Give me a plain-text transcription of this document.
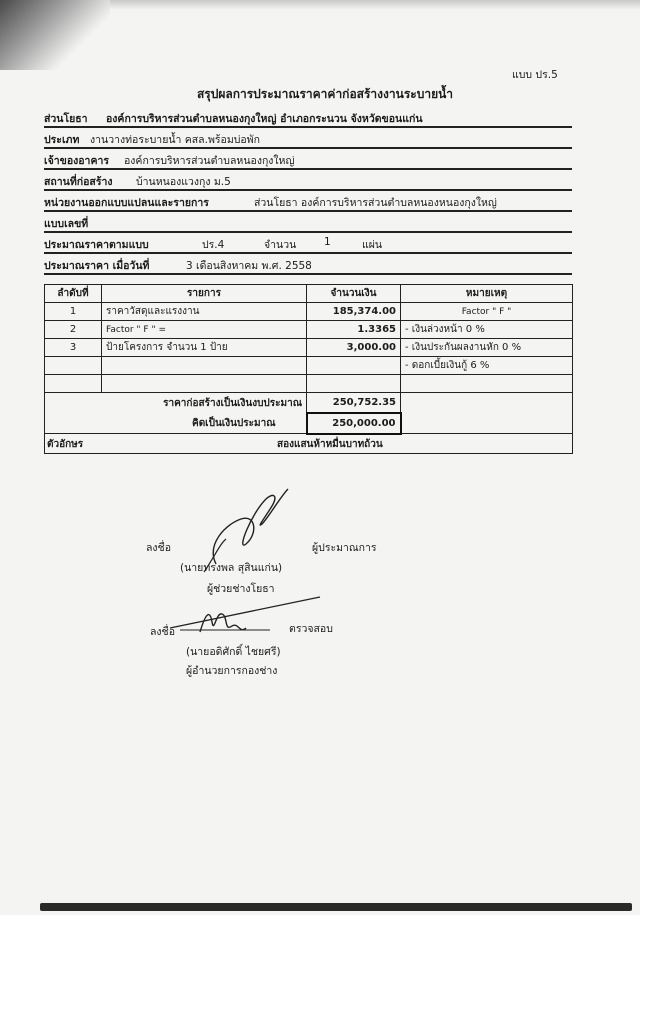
แบบ ปร.5
สรุปผลการประมาณราคาค่าก่อสร้างงานระบายน้ำ
ส่วนโยธา องค์การบริหารส่วนตำบลหนองกุงใหญ่ อำเภอกระนวน จังหวัดขอนแก่น
ประเภท งานวางท่อระบายน้ำ คสล.พร้อมบ่อพัก
เจ้าของอาคาร องค์การบริหารส่วนตำบลหนองกุงใหญ่
สถานที่ก่อสร้าง บ้านหนองแวงกุง ม.5
หน่วยงานออกแบบแปลนและรายการ	ส่วนโยธา องค์การบริหารส่วนตำบลหนองหนองกุงใหญ่
แบบเลขที่
ประมาณราคาตามแบบ	ปร.4	จำนวน	1	แผ่น
ประมาณราคา เมื่อวันที่	3 เดือนสิงหาคม พ.ศ. 2558
ลำดับที่	รายการ	จำนวนเงิน	หมายเหตุ
1	ราคาวัสดุและแรงงาน	185,374.00	Factor " F "
2	Factor " F " =	1.3365	- เงินล่วงหน้า 0 %
3	ป้ายโครงการ จำนวน 1 ป้าย	3,000.00	- เงินประกันผลงานหัก 0 %
			- ดอกเบี้ยเงินกู้ 6 %

ราคาก่อสร้างเป็นเงินงบประมาณ		250,752.35	
คิดเป็นเงินประมาณ		250,000.00	

ตัวอักษร สองแสนห้าหมื่นบาทถ้วน			
ลงชื่อ	ผู้ประมาณการ
(นายทรงพล สุสินแก่น)
ผู้ช่วยช่างโยธา
ลงชื่อ	ตรวจสอบ
(นายอดิศักดิ์ ไชยศรี)
ผู้อำนวยการกองช่าง
